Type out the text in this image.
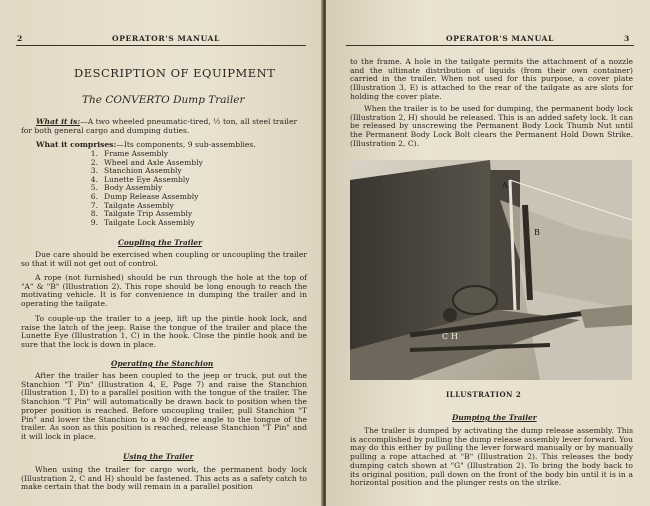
2	OPERATOR'S MANUAL
DESCRIPTION OF EQUIPMENT
The CONVERTO Dump Trailer
What it is:—A two wheeled pneumatic-tired, ½ ton, all steel trailer
for both general cargo and dumping duties.
What it comprises:—Its components, 9 sub-assemblies.
1. Frame Assembly
2. Wheel and Axle Assembly
3. Stanchion Assembly
4. Lunette Eye Assembly
5. Body Assembly
6. Dump Release Assembly
7. Tailgate Assembly
8. Tailgate Trip Assembly
9. Tailgate Lock Assembly
Coupling the Trailer
Due care should be exercised when coupling or uncoupling the trailer so that it will not get out of control.
A rope (not furnished) should be run through the hole at the top of "A" & "B" (Illustration 2). This rope should be long enough to reach the motivating vehicle. It is for convenience in dumping the trailer and in operating the tailgate.
To couple-up the trailer to a jeep, lift up the pintle hook lock, and raise the latch of the jeep. Raise the tongue of the trailer and place the Lunette Eye (Illustration 1, C) in the hook. Close the pintle hook and be sure that the lock is down in place.
Operating the Stanchion
After the trailer has been coupled to the jeep or truck, put out the Stanchion "T Pin" (Illustration 4, E, Page 7) and raise the Stanchion (Illustration 1, D) to a parallel position with the tongue of the trailer. The Stanchion "T Pin" will automatically be drawn back to position when the proper position is reached. Before uncoupling trailer, pull Stanchion "T Pin" and lower the Stanchion to a 90 degree angle to the tongue of the trailer. As soon as this position is reached, release Stanchion "T Pin" and it will lock in place.
Using the Trailer
When using the trailer for cargo work, the permanent body lock (Illustration 2, C and H) should be fastened. This acts as a safety catch to make certain that the body will remain in a parallel position
OPERATOR'S MANUAL	3
to the frame. A hole in the tailgate permits the attachment of a nozzle and the ultimate distribution of liquids (from their own container) carried in the trailer. When not used for this purpose, a cover plate (Illustration 3, E) is attached to the rear of the tailgate as are slots for holding the cover plate.
When the trailer is to be used for dumping, the permanent body lock (Illustration 2, H) should be released. This is an added safety lock. It can be released by unscrewing the Permanent Body Lock Thumb Nut until the Permanent Body Lock Bolt clears the Permanent Hold Down Strike. (Illustration 2, C).
A
B
C H
ILLUSTRATION 2
Dumping the Trailer
The trailer is dumped by activating the dump release assembly. This is accomplished by pulling the dump release assembly lever forward. You may do this either by pulling the lever forward manually or by manually pulling a rope attached at "B" (Illustration 2). This releases the body dumping catch shown at "G" (Illustration 2). To bring the body back to its original position, pull down on the front of the body bin until it is in a horizontal position and the plunger rests on the strike.
